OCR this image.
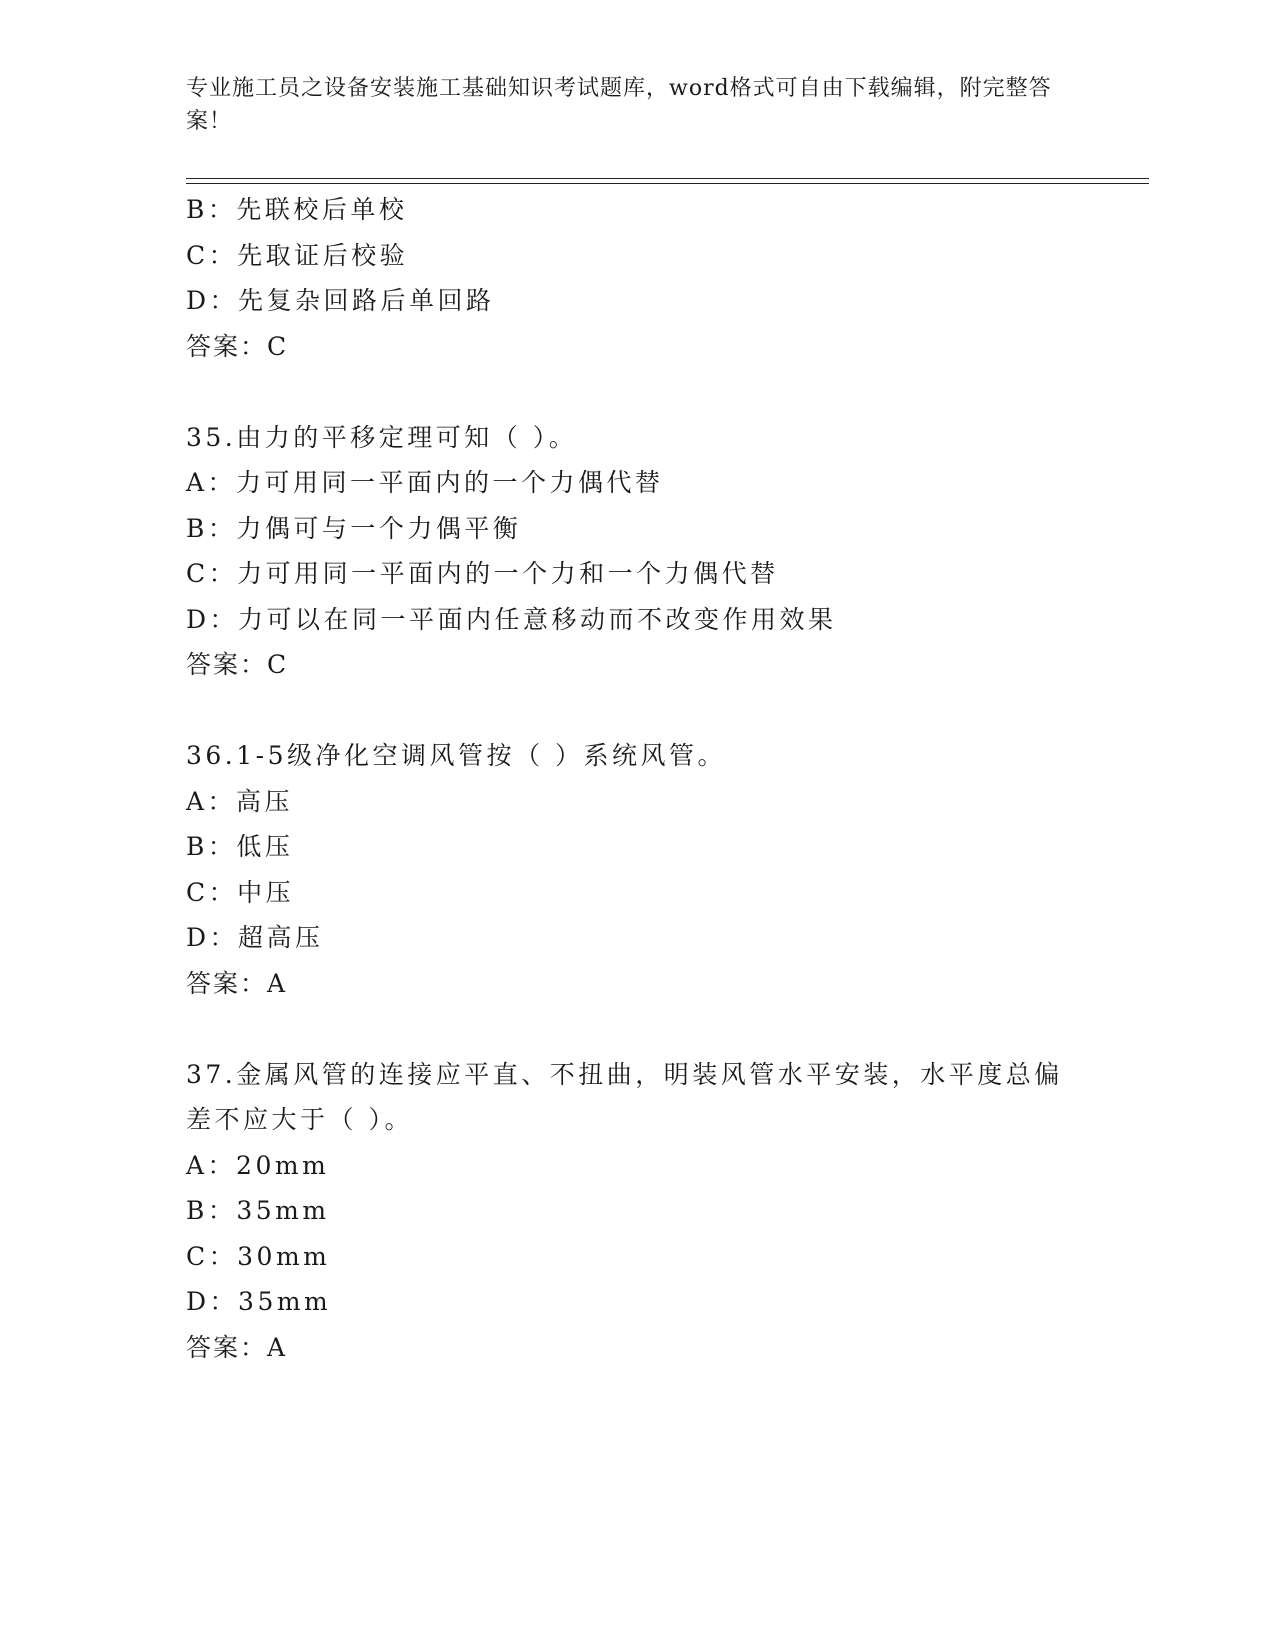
专业施工员之设备安装施工基础知识考试题库，word格式可自由下载编辑，附完整答案！
B：先联校后单校
C：先取证后校验
D：先复杂回路后单回路
答案：C
35.由力的平移定理可知（ ）。
A：力可用同一平面内的一个力偶代替
B：力偶可与一个力偶平衡
C：力可用同一平面内的一个力和一个力偶代替
D：力可以在同一平面内任意移动而不改变作用效果
答案：C
36.1-5级净化空调风管按（ ）系统风管。
A：高压
B：低压
C：中压
D：超高压
答案：A
37.金属风管的连接应平直、不扭曲，明装风管水平安装，水平度总偏差不应大于（ ）。
A：20mm
B：35mm
C：30mm
D：35mm
答案：A
